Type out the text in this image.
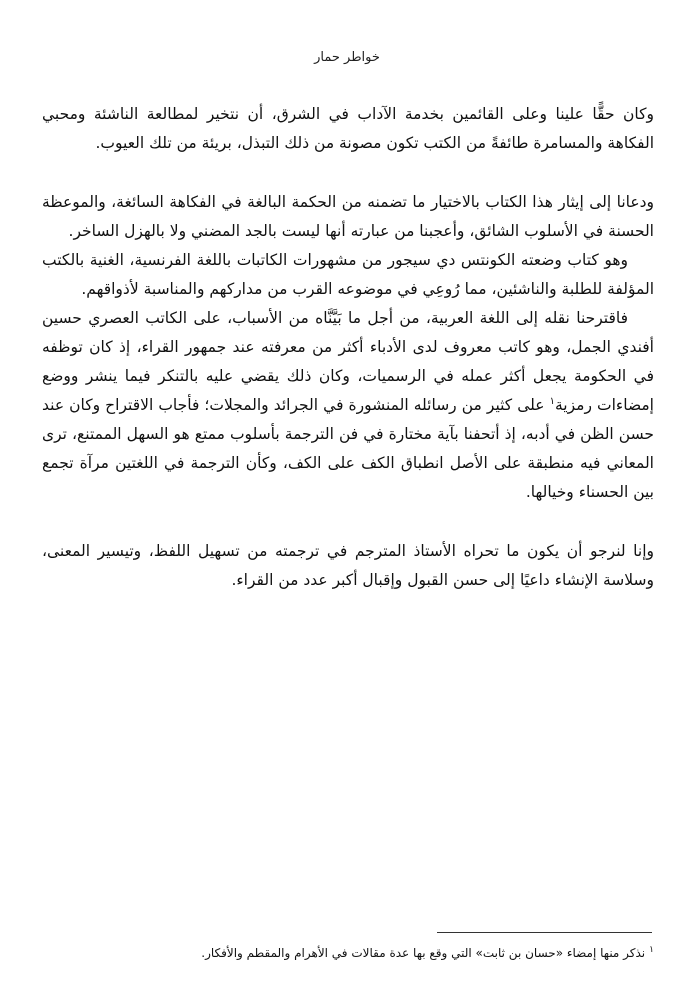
خواطر حمار

وكان حقًّا علينا وعلى القائمين بخدمة الآداب في الشرق، أن نتخير لمطالعة الناشئة ومحبي الفكاهة والمسامرة طائفةً من الكتب تكون مصونة من ذلك التبذل، بريئة من تلك العيوب.

ودعانا إلى إيثار هذا الكتاب بالاختيار ما تضمنه من الحكمة البالغة في الفكاهة السائغة، والموعظة الحسنة في الأسلوب الشائق، وأعجبنا من عبارته أنها ليست بالجد المضني ولا بالهزل الساخر.

وهو كتاب وضعته الكونتس دي سيجور من مشهورات الكاتبات باللغة الفرنسية، الغنية بالكتب المؤلفة للطلبة والناشئين، مما رُوعِي في موضوعه القرب من مداركهم والمناسبة لأذواقهم.

فاقترحنا نقله إلى اللغة العربية، من أجل ما بَيَّنَّاه من الأسباب، على الكاتب العصري حسين أفندي الجمل، وهو كاتب معروف لدى الأدباء أكثر من معرفته عند جمهور القراء، إذ كان توظفه في الحكومة يجعل أكثر عمله في الرسميات، وكان ذلك يقضي عليه بالتنكر فيما ينشر ووضع إمضاءات رمزية$^١$ على كثير من رسائله المنشورة في الجرائد والمجلات؛ فأجاب الاقتراح وكان عند حسن الظن في أدبه، إذ أتحفنا بآية مختارة في فن الترجمة بأسلوب ممتع هو السهل الممتنع، ترى المعاني فيه منطبقة على الأصل انطباق الكف على الكف، وكأن الترجمة في اللغتين مرآة تجمع بين الحسناء وخيالها.

وإنا لنرجو أن يكون ما تحراه الأستاذ المترجم في ترجمته من تسهيل اللفظ، وتيسير المعنى، وسلاسة الإنشاء داعيًا إلى حسن القبول وإقبال أكبر عدد من القراء.

$^١$نذكر منها إمضاء «حسان بن ثابت» التي وقع بها عدة مقالات في الأهرام والمقطم والأفكار.
